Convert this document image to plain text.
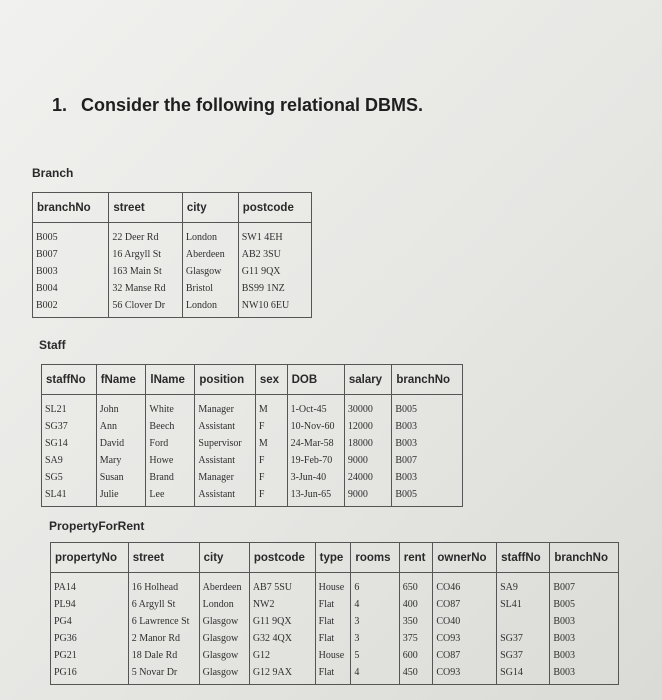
1. Consider the following relational DBMS.
Branch
branchNo	street	city	postcode
B005	22 Deer Rd	London	SW1 4EH
B007	16 Argyll St	Aberdeen	AB2 3SU
B003	163 Main St	Glasgow	G11 9QX
B004	32 Manse Rd	Bristol	BS99 1NZ
B002	56 Clover Dr	London	NW10 6EU
Staff
staffNo	fName	lName	position	sex	DOB	salary	branchNo
SL21	John	White	Manager	M	1-Oct-45	30000	B005
SG37	Ann	Beech	Assistant	F	10-Nov-60	12000	B003
SG14	David	Ford	Supervisor	M	24-Mar-58	18000	B003
SA9	Mary	Howe	Assistant	F	19-Feb-70	9000	B007
SG5	Susan	Brand	Manager	F	3-Jun-40	24000	B003
SL41	Julie	Lee	Assistant	F	13-Jun-65	9000	B005
PropertyForRent
propertyNo	street	city	postcode	type	rooms	rent	ownerNo	staffNo	branchNo
PA14	16 Holhead	Aberdeen	AB7 5SU	House	6	650	CO46	SA9	B007
PL94	6 Argyll St	London	NW2	Flat	4	400	CO87	SL41	B005
PG4	6 Lawrence St	Glasgow	G11 9QX	Flat	3	350	CO40		B003
PG36	2 Manor Rd	Glasgow	G32 4QX	Flat	3	375	CO93	SG37	B003
PG21	18 Dale Rd	Glasgow	G12	House	5	600	CO87	SG37	B003
PG16	5 Novar Dr	Glasgow	G12 9AX	Flat	4	450	CO93	SG14	B003
